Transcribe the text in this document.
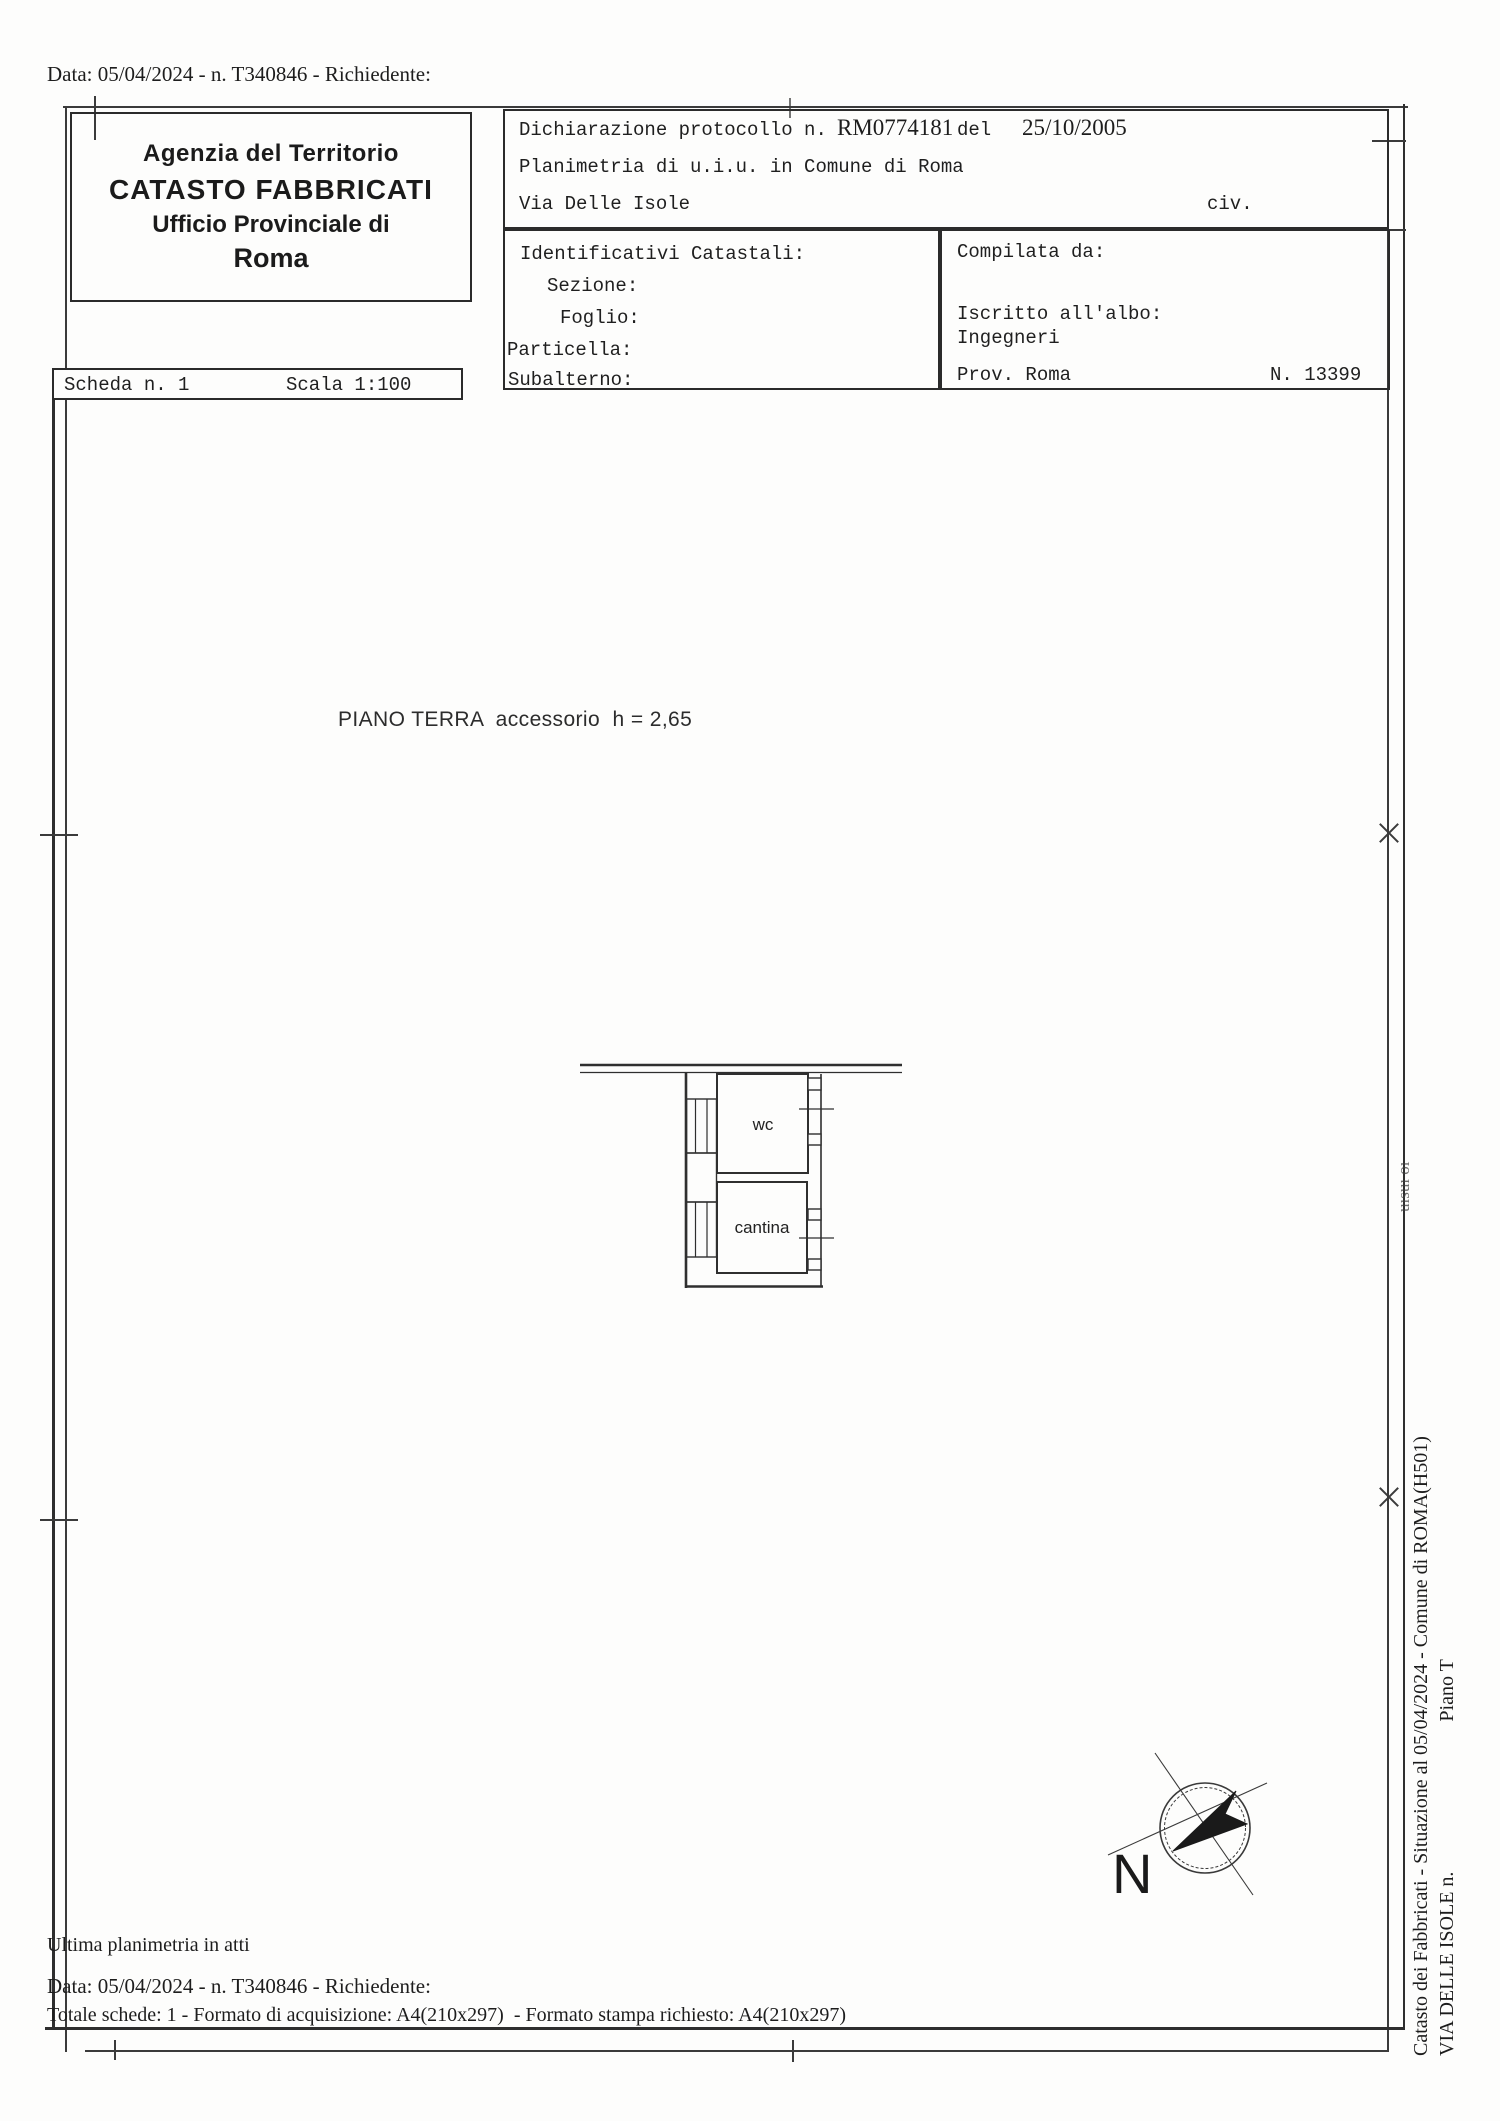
Data: 05/04/2024 - n. T340846 - Richiedente:
Agenzia del Territorio
CATASTO FABBRICATI
Ufficio Provinciale di
Roma
Dichiarazione protocollo n. RM0774181 del 25/10/2005
Planimetria di u.i.u. in Comune di Roma
Via Delle Isole	civ.
Identificativi Catastali:
Sezione:
Foglio:
Particella:
Subalterno:
Compilata da:
Iscritto all'albo:
Ingegneri
Prov. Roma	N. 13399
Scheda n. 1	Scala 1:100
PIANO TERRA  accessorio  h = 2,65
wc
cantina
N	Catasto dei Fabbricati - Situazione al 05/04/2024 - Comune di ROMA(H501) VIA DELLE ISOLE n.Piano T
uısuı oı
Ultima planimetria in atti
Data: 05/04/2024 - n. T340846 - Richiedente:
Totale schede: 1 - Formato di acquisizione: A4(210x297)  - Formato stampa richiesto: A4(210x297)
